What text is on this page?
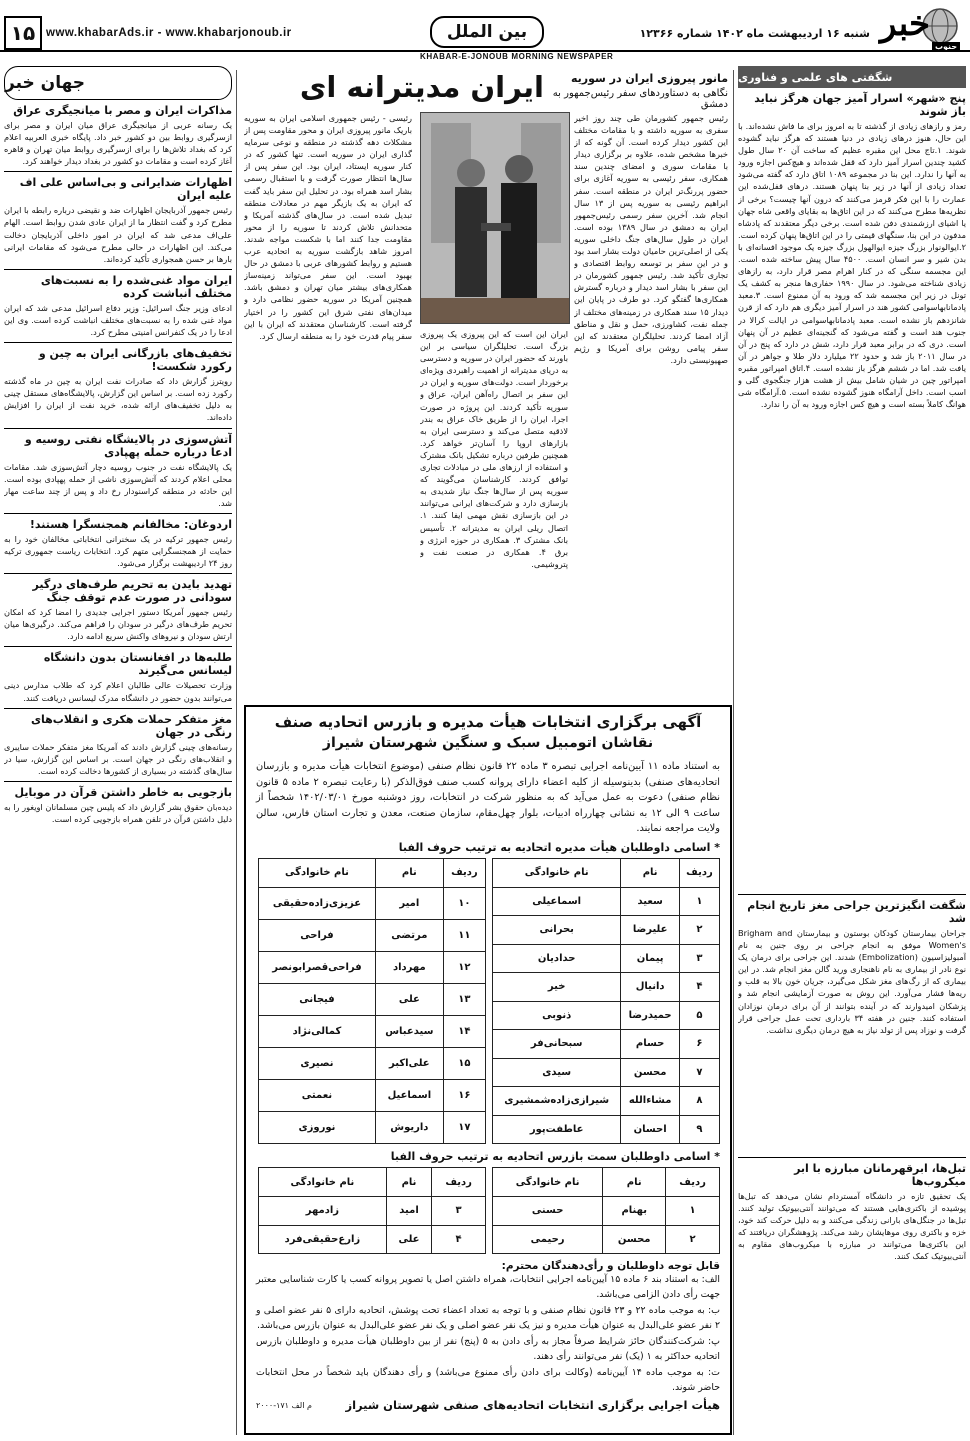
۱۵ www.khabarAds.ir - www.khabarjonoub.ir	بین الملل	شنبه ۱۶ اردیبهشت ماه ۱۴۰۲ شماره ۱۲۳۶۶ خبر
جنوب
KHABAR-E-JONOUB MORNING NEWSPAPER
جهان خبر
مذاکرات ایران و مصر با میانجیگری عراق
یک رسانه عربی از میانجیگری عراق میان ایران و مصر برای ازسرگیری روابط بین دو کشور خبر داد. پایگاه خبری العربیه اعلام کرد که بغداد تلاش‌ها را برای ازسرگیری روابط میان تهران و قاهره آغاز کرده است و مقامات دو کشور در بغداد دیدار خواهند کرد.
اظهارات ضدایرانی و بی‌اساس علی اف علیه ایران
رئیس جمهور آذربایجان اظهارات ضد و نقیضی درباره رابطه با ایران مطرح کرد و گفت انتظار ما از ایران عادی شدن روابط است. الهام علی‌اف مدعی شد که ایران در امور داخلی آذربایجان دخالت می‌کند. این اظهارات در حالی مطرح می‌شود که مقامات ایرانی بارها بر حسن همجواری تأکید کرده‌اند.
ایران مواد غنی‌شده را به نسبت‌های مختلف انباشت کرده
ادعای وزیر جنگ اسرائیل: وزیر دفاع اسرائیل مدعی شد که ایران مواد غنی شده را به نسبت‌های مختلف انباشت کرده است. وی این ادعا را در یک کنفرانس امنیتی مطرح کرد.
تخفیف‌های بازرگانی ایران به چین و رکورد شکست!
رویترز گزارش داد که صادرات نفت ایران به چین در ماه گذشته رکورد زده است. بر اساس این گزارش، پالایشگاه‌های مستقل چینی به دلیل تخفیف‌های ارائه شده، خرید نفت از ایران را افزایش داده‌اند.
آتش‌سوزی در پالایشگاه نفتی روسیه و ادعا درباره حمله پهپادی
یک پالایشگاه نفت در جنوب روسیه دچار آتش‌سوزی شد. مقامات محلی اعلام کردند که آتش‌سوزی ناشی از حمله پهپادی بوده است. این حادثه در منطقه کراسنودار رخ داد و پس از چند ساعت مهار شد.
اردوغان: مخالفانم همجنسگرا هستند!
رئیس جمهور ترکیه در یک سخنرانی انتخاباتی مخالفان خود را به حمایت از همجنسگرایی متهم کرد. انتخابات ریاست جمهوری ترکیه روز ۲۴ اردیبهشت برگزار می‌شود.
تهدید بایدن به تحریم طرف‌های درگیر سودانی در صورت عدم توقف جنگ
رئیس جمهور آمریکا دستور اجرایی جدیدی را امضا کرد که امکان تحریم طرف‌های درگیر در سودان را فراهم می‌کند. درگیری‌ها میان ارتش سودان و نیروهای واکنش سریع ادامه دارد.
طلبه‌ها در افغانستان بدون دانشگاه لیسانس می‌گیرند
وزارت تحصیلات عالی طالبان اعلام کرد که طلاب مدارس دینی می‌توانند بدون حضور در دانشگاه مدرک لیسانس دریافت کنند.
مغز متفکر حملات هکری و انقلاب‌های رنگی در جهان
رسانه‌های چینی گزارش دادند که آمریکا مغز متفکر حملات سایبری و انقلاب‌های رنگی در جهان است. بر اساس این گزارش، سیا در سال‌های گذشته در بسیاری از کشورها دخالت کرده است.
بازجویی به خاطر داشتن قرآن در موبایل
دیده‌بان حقوق بشر گزارش داد که پلیس چین مسلمانان اویغور را به دلیل داشتن قرآن در تلفن همراه بازجویی کرده است.
شگفتی های علمی و فناوری
پنج «شهر» اسرار آمیز جهان هرگز نباید باز شوند
رمز و رازهای زیادی از گذشته تا به امروز برای ما فاش نشده‌اند. با این حال، هنوز درهای زیادی در دنیا هستند که هرگز نباید گشوده شوند. ۱.تاج محل این مقبره عظیم که ساخت آن ۲۰ سال طول کشید چندین اسرار آمیز دارد که قفل شده‌اند و هیچ‌کس اجازه ورود به آنها را ندارد. این بنا در مجموعه ۱۰۸۹ اتاق دارد که گفته می‌شود تعداد زیادی از آنها در زیر بنا پنهان هستند. درهای قفل‌شده این عمارت را با این فکر قرمز می‌کنند که درون آنها چیست؟ برخی از نظریه‌ها مطرح می‌کنند که در این اتاق‌ها به بقایای واقعی شاه جهان یا اشیای ارزشمندی دفن شده است. برخی دیگر معتقدند که پادشاه مدفون در این بنا، سنگهای قیمتی را در این اتاق‌ها پنهان کرده است. ۲.ایوالونوار بزرگ جیزه ایوالهول بزرگ جیزه یک موجود افسانه‌ای با بدن شیر و سر انسان است. ۴۵۰۰ سال پیش ساخته شده است. این مجسمه سنگی که در کنار اهرام مصر قرار دارد، به رازهای زیادی شناخته می‌شود. در سال ۱۹۹۰ حفاری‌ها منجر به کشف یک تونل در زیر این مجسمه شد که ورود به آن ممنوع است. ۳.معبد پادمانابهاسوامی کشور هند در اسرار آمیز دیگری هم دارد که از قرن شانزدهم باز نشده است. معبد پادمانابهاسوامی در ایالت کرالا در جنوب هند است و گفته می‌شود که گنجینه‌ای عظیم در آن پنهان است. دری که در برابر معبد قرار دارد، شش در دارد که پنج در آن در سال ۲۰۱۱ باز شد و حدود ۲۲ میلیارد دلار طلا و جواهر در آن یافت شد. اما در ششم هرگز باز نشده است. ۴.اتاق امپراتور مقبره امپراتور چین در شیان شامل بیش از هشت هزار جنگجوی گلی و اسب است. داخل آرامگاه هنوز گشوده نشده است. ۵.آرامگاه شی هوانگ کاملاً بسته است و هیچ کس اجازه ورود به آن را ندارد.
شگفت انگیزترین جراحی مغز تاریخ انجام شد
جراحان بیمارستان کودکان بوستون و بیمارستان Brigham and Women's موفق به انجام جراحی بر روی جنین به نام آمبولیزاسیون (Embolization) شدند. این جراحی برای درمان یک نوع نادر از بیماری به نام ناهنجاری ورید گالن مغز انجام شد. در این بیماری که از رگ‌های مغز شکل می‌گیرد، جریان خون بالا به قلب و ریه‌ها فشار می‌آورد. این روش به صورت آزمایشی انجام شد و پزشکان امیدوارند که در آینده بتوانند از آن برای درمان نوزادان استفاده کنند. جنین در هفته ۳۴ بارداری تحت عمل جراحی قرار گرفت و نوزاد پس از تولد نیاز به هیچ درمان دیگری نداشت.
تبل‌ها، ابرقهرمانان مبارزه با ابر میکروب‌ها
یک تحقیق تازه در دانشگاه آمستردام نشان می‌دهد که تبل‌ها پوشیده از باکتری‌هایی هستند که می‌توانند آنتی‌بیوتیک تولید کنند. تبل‌ها در جنگل‌های بارانی زندگی می‌کنند و به دلیل حرکت کند خود، خزه و باکتری روی موهایشان رشد می‌کند. پژوهشگران دریافتند که این باکتری‌ها می‌توانند در مبارزه با میکروب‌های مقاوم به آنتی‌بیوتیک کمک کنند.
مانور پیروزی ایران در سوریه
نگاهی به دستاوردهای سفر رئیس‌جمهور به دمشق
ایران مدیترانه ای
رئیس جمهور کشورمان طی چند روز اخیر سفری به سوریه داشته و با مقامات مختلف این کشور دیدار کرده است. آن گونه که از خبرها مشخص شده، علاوه بر برگزاری دیدار با مقامات سوری و امضای چندین سند همکاری، سفر رئیسی به سوریه آغازی برای حضور پررنگ‌تر ایران در منطقه است. سفر ابراهیم رئیسی به سوریه پس از ۱۳ سال انجام شد. آخرین سفر رسمی رئیس‌جمهور ایران به دمشق در سال ۱۳۸۹ بوده است. ایران در طول سال‌های جنگ داخلی سوریه یکی از اصلی‌ترین حامیان دولت بشار اسد بود و در این سفر بر توسعه روابط اقتصادی و تجاری تأکید شد. رئیس جمهور کشورمان در این سفر با بشار اسد دیدار و درباره گسترش همکاری‌ها گفتگو کرد. دو طرف در پایان این دیدار ۱۵ سند همکاری در زمینه‌های مختلف از جمله نفت، کشاورزی، حمل و نقل و مناطق آزاد امضا کردند. تحلیلگران معتقدند که این سفر پیامی روشن برای آمریکا و رژیم صهیونیستی دارد.
ایران این است که این پیروزی یک پیروزی بزرگ است. تحلیلگران سیاسی بر این باورند که حضور ایران در سوریه و دسترسی به دریای مدیترانه از اهمیت راهبردی ویژه‌ای برخوردار است. دولت‌های سوریه و ایران در این سفر بر اتصال راه‌آهن ایران، عراق و سوریه تأکید کردند. این پروژه در صورت اجرا، ایران را از طریق خاک عراق به بندر لاذقیه متصل می‌کند و دسترسی ایران به بازارهای اروپا را آسان‌تر خواهد کرد. همچنین طرفین درباره تشکیل بانک مشترک و استفاده از ارزهای ملی در مبادلات تجاری توافق کردند. کارشناسان می‌گویند که سوریه پس از سال‌ها جنگ نیاز شدیدی به بازسازی دارد و شرکت‌های ایرانی می‌توانند در این بازسازی نقش مهمی ایفا کنند. ۱. اتصال ریلی ایران به مدیترانه ۲. تأسیس بانک مشترک ۳. همکاری در حوزه انرژی و برق ۴. همکاری در صنعت نفت و پتروشیمی.
رئیسی - رئیس جمهوری اسلامی ایران به سوریه باریک مانور پیروزی ایران و محور مقاومت پس از مشکلات دهه گذشته در منطقه و نوعی سرمایه گذاری ایران در سوریه است. تنها کشور که در کنار سوریه ایستاد، ایران بود. این سفر پس از سال‌ها انتظار صورت گرفت و با استقبال رسمی بشار اسد همراه بود. در تحلیل این سفر باید گفت که ایران به یک بازیگر مهم در معادلات منطقه تبدیل شده است. در سال‌های گذشته آمریکا و متحدانش تلاش کردند تا سوریه را از محور مقاومت جدا کنند اما با شکست مواجه شدند. امروز شاهد بازگشت سوریه به اتحادیه عرب هستیم و روابط کشورهای عربی با دمشق در حال بهبود است. این سفر می‌تواند زمینه‌ساز همکاری‌های بیشتر میان تهران و دمشق باشد. همچنین آمریکا در سوریه حضور نظامی دارد و میدان‌های نفتی شرق این کشور را در اختیار گرفته است. کارشناسان معتقدند که ایران با این سفر پیام قدرت خود را به منطقه ارسال کرد.
آگهی برگزاری انتخابات هیأت مدیره و بازرس اتحادیه صنف
نقاشان اتومبیل سبک و سنگین شهرستان شیراز
به استناد ماده ۱۱ آیین‌نامه اجرایی تبصره ۳ ماده ۲۲ قانون نظام صنفی (موضوع انتخابات هیأت مدیره و بازرسان اتحادیه‌های صنفی) بدینوسیله از کلیه اعضاء دارای پروانه کسب صنف فوق‌الذکر (با رعایت تبصره ۲ ماده ۵ قانون نظام صنفی) دعوت به عمل می‌آید که به منظور شرکت در انتخابات، روز دوشنبه مورخ ۱۴۰۲/۰۳/۰۱ شخصاً از ساعت ۹ الی ۱۲ به نشانی چهارراه ادبیات، بلوار چهل‌مقام، سازمان صنعت، معدن و تجارت استان فارس، سالن ولایت مراجعه نمایند.
* اسامی داوطلبان هیأت مدیره اتحادیه به ترتیب حروف الفبا
ردیف	نام	نام خانوادگی
۱	سعید	اسماعیلی
۲	علیرضا	بحرانی
۳	پیمان	حدادیان
۴	دانیال	خیر
۵	حمیدرضا	ذنوبی
۶	حسام	سبحانی‌فر
۷	محسن	سیدی
۸	مشاءالله	شیرازی‌زاده‌شمشیری
۹	احسان	عاطفت‌پور
ردیف	نام	نام خانوادگی
۱۰	امیر	عزیزی‌زاده‌حقیقی
۱۱	مرتضی	فراحی
۱۲	مهرداد	فراحی‌قصرابونصر
۱۳	علی	فیجانی
۱۴	سیدعباس	کمالی‌نژاد
۱۵	علی‌اکبر	نصیری
۱۶	اسماعیل	نعمتی
۱۷	داریوش	نوروزی
* اسامی داوطلبان سمت بازرس اتحادیه به ترتیب حروف الفبا
ردیف	نام	نام خانوادگی
۱	بهنام	حسنی
۲	محسن	رحیمی
ردیف	نام	نام خانوادگی
۳	امید	زادمهر
۴	علی	زارع‌حقیقی‌فرد
قابل توجه داوطلبان و رأی‌دهندگان محترم:
الف: به استناد بند ۶ ماده ۱۵ آیین‌نامه اجرایی انتخابات، همراه داشتن اصل یا تصویر پروانه کسب یا کارت شناسایی معتبر جهت رأی دادن الزامی می‌باشد.
ب: به موجب ماده ۲۲ و ۲۳ قانون نظام صنفی و با توجه به تعداد اعضاء تحت پوشش، اتحادیه دارای ۵ نفر عضو اصلی و ۲ نفر عضو علی‌البدل به عنوان هیأت مدیره و نیز یک نفر عضو اصلی و یک نفر عضو علی‌البدل به عنوان بازرس می‌باشد.
پ: شرکت‌کنندگان حائز شرایط صرفاً مجاز به رأی دادن به ۵ (پنج) نفر از بین داوطلبان هیأت مدیره و داوطلبان بازرس اتحادیه حداکثر به ۱ (یک) نفر می‌توانند رأی دهند.
ت: به موجب ماده ۱۴ آیین‌نامه (وکالت برای دادن رأی ممنوع می‌باشد) و رأی دهندگان باید شخصاً در محل انتخابات حاضر شوند.
م الف ۱۷۱-۲۰۰۰	هیأت اجرایی برگزاری انتخابات اتحادیه‌های صنفی شهرستان شیراز
